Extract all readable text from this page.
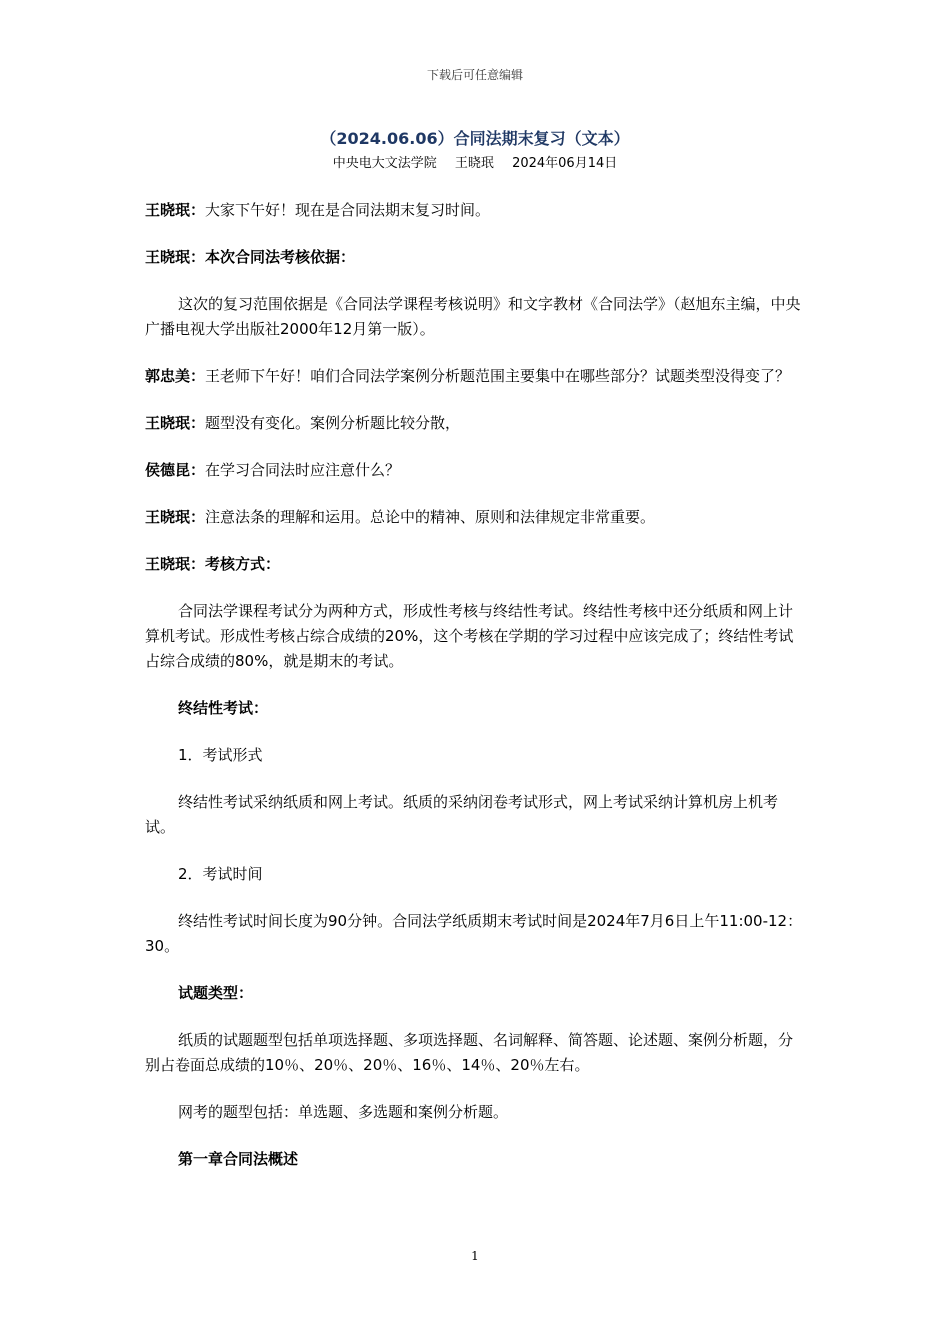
下载后可任意编辑
（2024.06.06）合同法期末复习（文本）
中央电大文法学院 王晓珉 2024年06月14日

王晓珉：大家下午好！现在是合同法期末复习时间。

王晓珉：本次合同法考核依据：

这次的复习范围依据是《合同法学课程考核说明》和文字教材《合同法学》（赵旭东主编，中央广播电视大学出版社2000年12月第一版）。

郭忠美：王老师下午好！咱们合同法学案例分析题范围主要集中在哪些部分？试题类型没得变了？

王晓珉：题型没有变化。案例分析题比较分散，

侯德昆：在学习合同法时应注意什么？

王晓珉：注意法条的理解和运用。总论中的精神、原则和法律规定非常重要。

王晓珉：考核方式：

合同法学课程考试分为两种方式，形成性考核与终结性考试。终结性考核中还分纸质和网上计算机考试。形成性考核占综合成绩的20%，这个考核在学期的学习过程中应该完成了；终结性考试占综合成绩的80%，就是期末的考试。

终结性考试：

1．考试形式

终结性考试采纳纸质和网上考试。纸质的采纳闭卷考试形式，网上考试采纳计算机房上机考试。

2．考试时间

终结性考试时间长度为90分钟。合同法学纸质期末考试时间是2024年7月6日上午11:00-12：30。

试题类型：

纸质的试题题型包括单项选择题、多项选择题、名词解释、简答题、论述题、案例分析题，分别占卷面总成绩的10％、20％、20％、16％、14％、20％左右。

网考的题型包括：单选题、多选题和案例分析题。

第一章合同法概述

1
